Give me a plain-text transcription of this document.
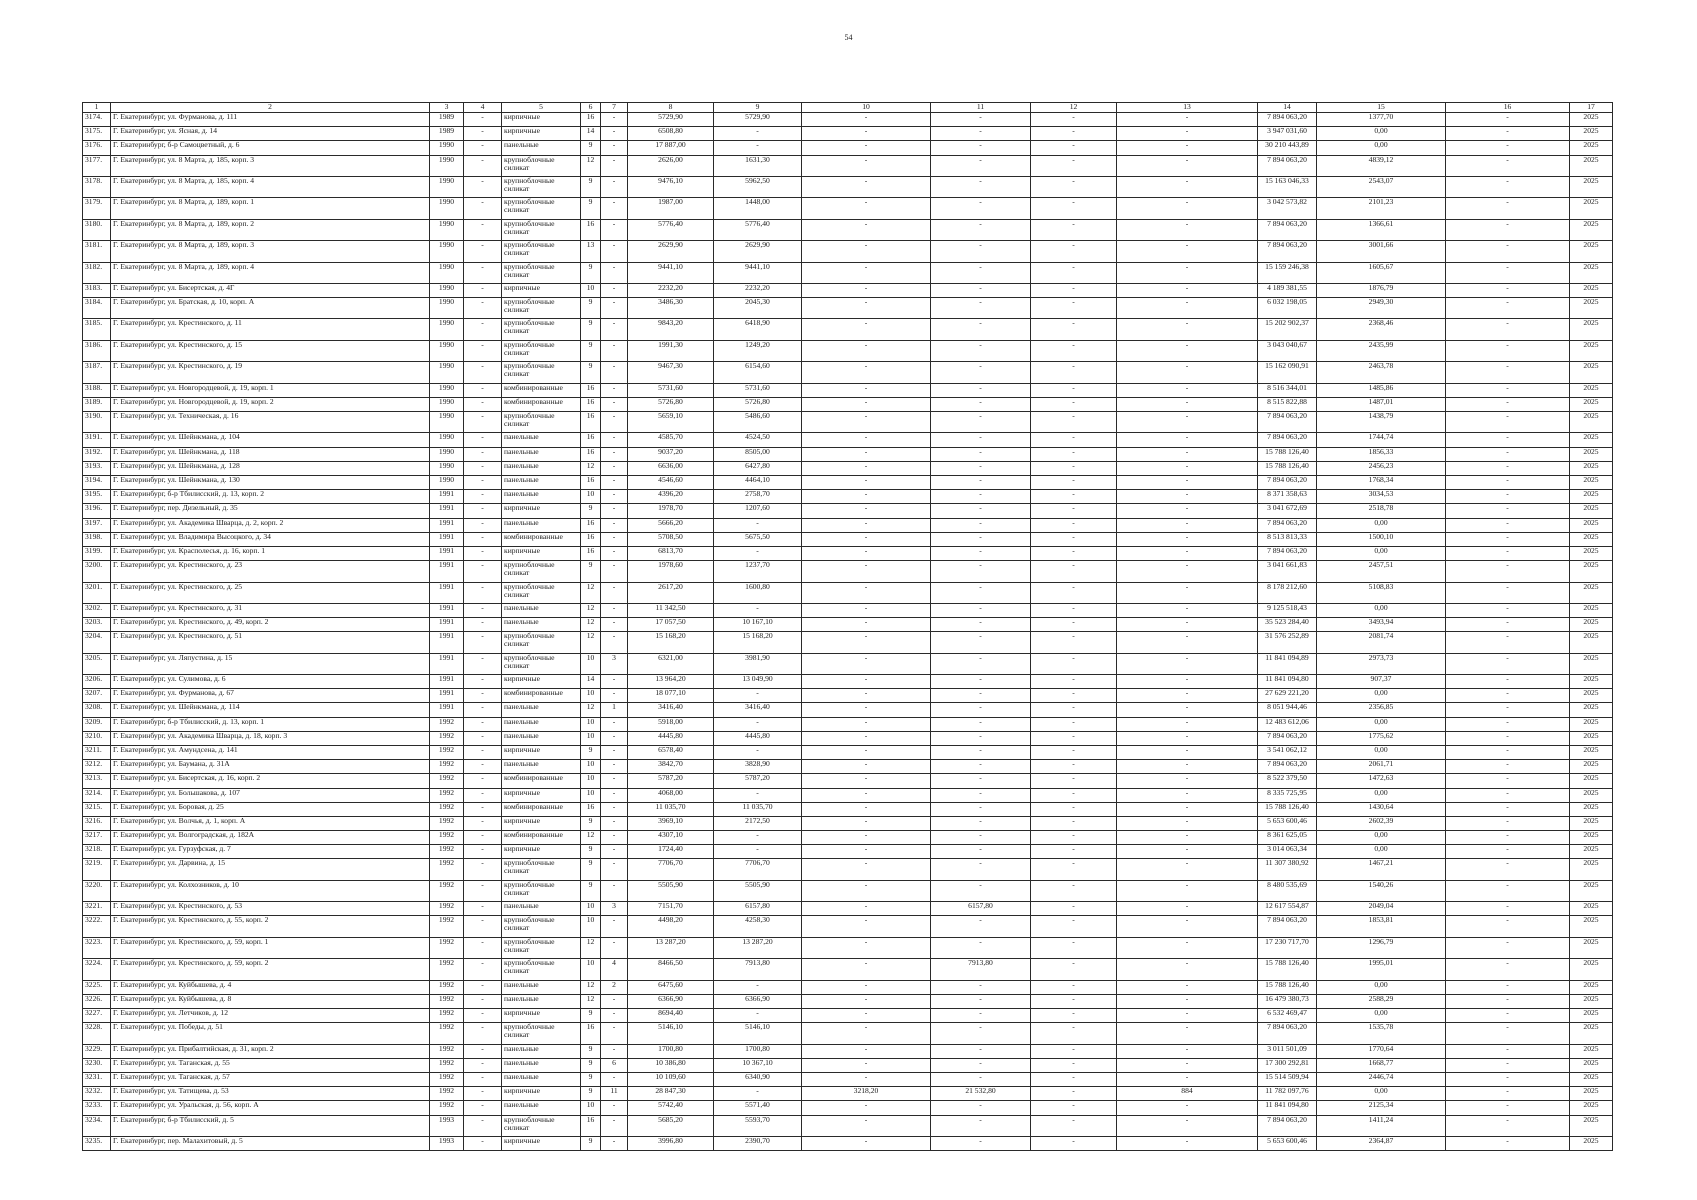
54
1	2	3	4	5	6	7	8	9	10	11	12	13	14	15	16	17
3174.	Г. Екатеринбург, ул. Фурманова, д. 111	1989	-	кирпичные	16	-	5729,90	5729,90	-	-	-	-	7 894 063,20	1377,70	-	2025
3175.	Г. Екатеринбург, ул. Ясная, д. 14	1989	-	кирпичные	14	-	6508,80	-	-	-	-	-	3 947 031,60	0,00	-	2025
3176.	Г. Екатеринбург, б-р Самоцветный, д. 6	1990	-	панельные	9	-	17 887,00	-	-	-	-	-	30 210 443,89	0,00	-	2025
3177.	Г. Екатеринбург, ул. 8 Марта, д. 185, корп. 3	1990	-	крупноблочные силикат	12	-	2626,00	1631,30	-	-	-	-	7 894 063,20	4839,12	-	2025
3178.	Г. Екатеринбург, ул. 8 Марта, д. 185, корп. 4	1990	-	крупноблочные силикат	9	-	9476,10	5962,50	-	-	-	-	15 163 046,33	2543,07	-	2025
3179.	Г. Екатеринбург, ул. 8 Марта, д. 189, корп. 1	1990	-	крупноблочные силикат	9	-	1987,00	1448,00	-	-	-	-	3 042 573,82	2101,23	-	2025
3180.	Г. Екатеринбург, ул. 8 Марта, д. 189, корп. 2	1990	-	крупноблочные силикат	16	-	5776,40	5776,40	-	-	-	-	7 894 063,20	1366,61	-	2025
3181.	Г. Екатеринбург, ул. 8 Марта, д. 189, корп. 3	1990	-	крупноблочные силикат	13	-	2629,90	2629,90	-	-	-	-	7 894 063,20	3001,66	-	2025
3182.	Г. Екатеринбург, ул. 8 Марта, д. 189, корп. 4	1990	-	крупноблочные силикат	9	-	9441,10	9441,10	-	-	-	-	15 159 246,38	1605,67	-	2025
3183.	Г. Екатеринбург, ул. Бисертская, д. 4Г	1990	-	кирпичные	10	-	2232,20	2232,20	-	-	-	-	4 189 381,55	1876,79	-	2025
3184.	Г. Екатеринбург, ул. Братская, д. 10, корп. А	1990	-	крупноблочные силикат	9	-	3486,30	2045,30	-	-	-	-	6 032 198,05	2949,30	-	2025
3185.	Г. Екатеринбург, ул. Крестинского, д. 11	1990	-	крупноблочные силикат	9	-	9843,20	6418,90	-	-	-	-	15 202 902,37	2368,46	-	2025
3186.	Г. Екатеринбург, ул. Крестинского, д. 15	1990	-	крупноблочные силикат	9	-	1991,30	1249,20	-	-	-	-	3 043 040,67	2435,99	-	2025
3187.	Г. Екатеринбург, ул. Крестинского, д. 19	1990	-	крупноблочные силикат	9	-	9467,30	6154,60	-	-	-	-	15 162 090,91	2463,78	-	2025
3188.	Г. Екатеринбург, ул. Новгородцевой, д. 19, корп. 1	1990	-	комбинированные	16	-	5731,60	5731,60	-	-	-	-	8 516 344,01	1485,86	-	2025
3189.	Г. Екатеринбург, ул. Новгородцевой, д. 19, корп. 2	1990	-	комбинированные	16	-	5726,80	5726,80	-	-	-	-	8 515 822,88	1487,01	-	2025
3190.	Г. Екатеринбург, ул. Техническая, д. 16	1990	-	крупноблочные силикат	16	-	5659,10	5486,60	-	-	-	-	7 894 063,20	1438,79	-	2025
3191.	Г. Екатеринбург, ул. Шейнкмана, д. 104	1990	-	панельные	16	-	4585,70	4524,50	-	-	-	-	7 894 063,20	1744,74	-	2025
3192.	Г. Екатеринбург, ул. Шейнкмана, д. 118	1990	-	панельные	16	-	9037,20	8505,00	-	-	-	-	15 788 126,40	1856,33	-	2025
3193.	Г. Екатеринбург, ул. Шейнкмана, д. 128	1990	-	панельные	12	-	6636,00	6427,80	-	-	-	-	15 788 126,40	2456,23	-	2025
3194.	Г. Екатеринбург, ул. Шейнкмана, д. 130	1990	-	панельные	16	-	4546,60	4464,10	-	-	-	-	7 894 063,20	1768,34	-	2025
3195.	Г. Екатеринбург, б-р Тбилисский, д. 13, корп. 2	1991	-	панельные	10	-	4396,20	2758,70	-	-	-	-	8 371 358,63	3034,53	-	2025
3196.	Г. Екатеринбург, пер. Дизельный, д. 35	1991	-	кирпичные	9	-	1978,70	1207,60	-	-	-	-	3 041 672,69	2518,78	-	2025
3197.	Г. Екатеринбург, ул. Академика Шварца, д. 2, корп. 2	1991	-	панельные	16	-	5666,20	-	-	-	-	-	7 894 063,20	0,00	-	2025
3198.	Г. Екатеринбург, ул. Владимира Высоцкого, д. 34	1991	-	комбинированные	16	-	5708,50	5675,50	-	-	-	-	8 513 813,33	1500,10	-	2025
3199.	Г. Екатеринбург, ул. Красполесья, д. 16, корп. 1	1991	-	кирпичные	16	-	6813,70	-	-	-	-	-	7 894 063,20	0,00	-	2025
3200.	Г. Екатеринбург, ул. Крестинского, д. 23	1991	-	крупноблочные силикат	9	-	1978,60	1237,70	-	-	-	-	3 041 661,83	2457,51	-	2025
3201.	Г. Екатеринбург, ул. Крестинского, д. 25	1991	-	крупноблочные силикат	12	-	2617,20	1600,80	-	-	-	-	8 178 212,60	5108,83	-	2025
3202.	Г. Екатеринбург, ул. Крестинского, д. 31	1991	-	панельные	12	-	11 342,50	-	-	-	-	-	9 125 518,43	0,00	-	2025
3203.	Г. Екатеринбург, ул. Крестинского, д. 49, корп. 2	1991	-	панельные	12	-	17 057,50	10 167,10	-	-	-	-	35 523 284,40	3493,94	-	2025
3204.	Г. Екатеринбург, ул. Крестинского, д. 51	1991	-	крупноблочные силикат	12	-	15 168,20	15 168,20	-	-	-	-	31 576 252,89	2081,74	-	2025
3205.	Г. Екатеринбург, ул. Ляпустина, д. 15	1991	-	крупноблочные силикат	10	3	6321,00	3981,90	-	-	-	-	11 841 094,89	2973,73	-	2025
3206.	Г. Екатеринбург, ул. Сулимова, д. 6	1991	-	кирпичные	14	-	13 964,20	13 049,90	-	-	-	-	11 841 094,80	907,37	-	2025
3207.	Г. Екатеринбург, ул. Фурманова, д. 67	1991	-	комбинированные	10	-	18 077,10	-	-	-	-	-	27 629 221,20	0,00	-	2025
3208.	Г. Екатеринбург, ул. Шейнкмана, д. 114	1991	-	панельные	12	1	3416,40	3416,40	-	-	-	-	8 051 944,46	2356,85	-	2025
3209.	Г. Екатеринбург, б-р Тбилисский, д. 13, корп. 1	1992	-	панельные	10	-	5918,00	-	-	-	-	-	12 483 612,06	0,00	-	2025
3210.	Г. Екатеринбург, ул. Академика Шварца, д. 18, корп. 3	1992	-	панельные	10	-	4445,80	4445,80	-	-	-	-	7 894 063,20	1775,62	-	2025
3211.	Г. Екатеринбург, ул. Амундсена, д. 141	1992	-	кирпичные	9	-	6578,40	-	-	-	-	-	3 541 062,12	0,00	-	2025
3212.	Г. Екатеринбург, ул. Баумана, д. 31А	1992	-	панельные	10	-	3842,70	3828,90	-	-	-	-	7 894 063,20	2061,71	-	2025
3213.	Г. Екатеринбург, ул. Бисертская, д. 16, корп. 2	1992	-	комбинированные	10	-	5787,20	5787,20	-	-	-	-	8 522 379,50	1472,63	-	2025
3214.	Г. Екатеринбург, ул. Большакова, д. 107	1992	-	кирпичные	10	-	4068,00	-	-	-	-	-	8 335 725,95	0,00	-	2025
3215.	Г. Екатеринбург, ул. Боровая, д. 25	1992	-	комбинированные	16	-	11 035,70	11 035,70	-	-	-	-	15 788 126,40	1430,64	-	2025
3216.	Г. Екатеринбург, ул. Волчья, д. 1, корп. А	1992	-	кирпичные	9	-	3969,10	2172,50	-	-	-	-	5 653 600,46	2602,39	-	2025
3217.	Г. Екатеринбург, ул. Волгоградская, д. 182А	1992	-	комбинированные	12	-	4307,10	-	-	-	-	-	8 361 625,05	0,00	-	2025
3218.	Г. Екатеринбург, ул. Гурзуфская, д. 7	1992	-	кирпичные	9	-	1724,40	-	-	-	-	-	3 014 063,34	0,00	-	2025
3219.	Г. Екатеринбург, ул. Дарвина, д. 15	1992	-	крупноблочные силикат	9	-	7706,70	7706,70	-	-	-	-	11 307 380,92	1467,21	-	2025
3220.	Г. Екатеринбург, ул. Колхозников, д. 10	1992	-	крупноблочные силикат	9	-	5505,90	5505,90	-	-	-	-	8 480 535,69	1540,26	-	2025
3221.	Г. Екатеринбург, ул. Крестинского, д. 53	1992	-	панельные	10	3	7151,70	6157,80	-	6157,80	-	-	12 617 554,87	2049,04	-	2025
3222.	Г. Екатеринбург, ул. Крестинского, д. 55, корп. 2	1992	-	крупноблочные силикат	10	-	4498,20	4258,30	-	-	-	-	7 894 063,20	1853,81	-	2025
3223.	Г. Екатеринбург, ул. Крестинского, д. 59, корп. 1	1992	-	крупноблочные силикат	12	-	13 287,20	13 287,20	-	-	-	-	17 230 717,70	1296,79	-	2025
3224.	Г. Екатеринбург, ул. Крестинского, д. 59, корп. 2	1992	-	крупноблочные силикат	10	4	8466,50	7913,80	-	7913,80	-	-	15 788 126,40	1995,01	-	2025
3225.	Г. Екатеринбург, ул. Куйбышева, д. 4	1992	-	панельные	12	2	6475,60	-	-	-	-	-	15 788 126,40	0,00	-	2025
3226.	Г. Екатеринбург, ул. Куйбышева, д. 8	1992	-	панельные	12	-	6366,90	6366,90	-	-	-	-	16 479 380,73	2588,29	-	2025
3227.	Г. Екатеринбург, ул. Летчиков, д. 12	1992	-	кирпичные	9	-	8694,40	-	-	-	-	-	6 532 469,47	0,00	-	2025
3228.	Г. Екатеринбург, ул. Победы, д. 51	1992	-	крупноблочные силикат	16	-	5146,10	5146,10	-	-	-	-	7 894 063,20	1535,78	-	2025
3229.	Г. Екатеринбург, ул. Прибалтийская, д. 31, корп. 2	1992	-	панельные	9	-	1700,80	1700,80	-	-	-	-	3 011 501,09	1770,64	-	2025
3230.	Г. Екатеринбург, ул. Таганская, д. 55	1992	-	панельные	9	6	10 386,80	10 367,10	-	-	-	-	17 300 292,81	1668,77	-	2025
3231.	Г. Екатеринбург, ул. Таганская, д. 57	1992	-	панельные	9	-	10 109,60	6340,90	-	-	-	-	15 514 509,94	2446,74	-	2025
3232.	Г. Екатеринбург, ул. Татищева, д. 53	1992	-	кирпичные	9	11	28 847,30	-	3218,20	21 532,80	-	884	11 782 097,76	0,00	-	2025
3233.	Г. Екатеринбург, ул. Уральская, д. 56, корп. А	1992	-	панельные	10	-	5742,40	5571,40	-	-	-	-	11 841 094,80	2125,34	-	2025
3234.	Г. Екатеринбург, б-р Тбилисский, д. 5	1993	-	крупноблочные силикат	16	-	5685,20	5593,70	-	-	-	-	7 894 063,20	1411,24	-	2025
3235.	Г. Екатеринбург, пер. Малахитовый, д. 5	1993	-	кирпичные	9	-	3996,80	2390,70	-	-	-	-	5 653 600,46	2364,87	-	2025
